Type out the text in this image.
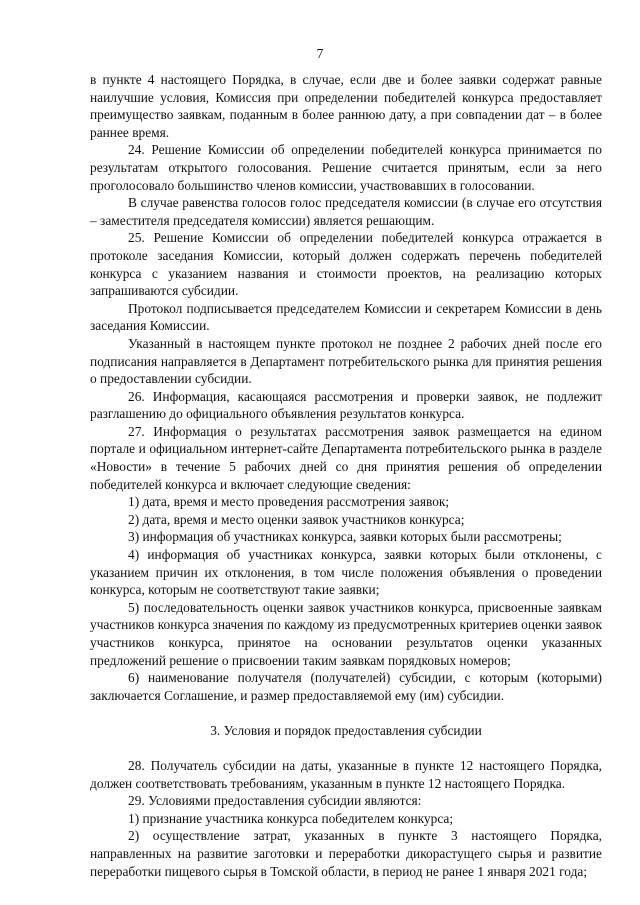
7

в пункте 4 настоящего Порядка, в случае, если две и более заявки содержат равные наилучшие условия, Комиссия при определении победителей конкурса предоставляет преимущество заявкам, поданным в более раннюю дату, а при совпадении дат – в более раннее время.

24. Решение Комиссии об определении победителей конкурса принимается по результатам открытого голосования. Решение считается принятым, если за него проголосовало большинство членов комиссии, участвовавших в голосовании.

В случае равенства голосов голос председателя комиссии (в случае его отсутствия – заместителя председателя комиссии) является решающим.

25. Решение Комиссии об определении победителей конкурса отражается в протоколе заседания Комиссии, который должен содержать перечень победителей конкурса с указанием названия и стоимости проектов, на реализацию которых запрашиваются субсидии.

Протокол подписывается председателем Комиссии и секретарем Комиссии в день заседания Комиссии.

Указанный в настоящем пункте протокол не позднее 2 рабочих дней после его подписания направляется в Департамент потребительского рынка для принятия решения о предоставлении субсидии.

26. Информация, касающаяся рассмотрения и проверки заявок, не подлежит разглашению до официального объявления результатов конкурса.

27. Информация о результатах рассмотрения заявок размещается на едином портале и официальном интернет-сайте Департамента потребительского рынка в разделе «Новости» в течение 5 рабочих дней со дня принятия решения об определении победителей конкурса и включает следующие сведения:

1) дата, время и место проведения рассмотрения заявок;

2) дата, время и место оценки заявок участников конкурса;

3) информация об участниках конкурса, заявки которых были рассмотрены;

4) информация об участниках конкурса, заявки которых были отклонены, с указанием причин их отклонения, в том числе положения объявления о проведении конкурса, которым не соответствуют такие заявки;

5) последовательность оценки заявок участников конкурса, присвоенные заявкам участников конкурса значения по каждому из предусмотренных критериев оценки заявок участников конкурса, принятое на основании результатов оценки указанных предложений решение о присвоении таким заявкам порядковых номеров;

6) наименование получателя (получателей) субсидии, с которым (которыми) заключается Соглашение, и размер предоставляемой ему (им) субсидии.

3. Условия и порядок предоставления субсидии

28. Получатель субсидии на даты, указанные в пункте 12 настоящего Порядка, должен соответствовать требованиям, указанным в пункте 12 настоящего Порядка.

29. Условиями предоставления субсидии являются:

1) признание участника конкурса победителем конкурса;

2) осуществление затрат, указанных в пункте 3 настоящего Порядка, направленных на развитие заготовки и переработки дикорастущего сырья и развитие переработки пищевого сырья в Томской области, в период не ранее 1 января 2021 года;
